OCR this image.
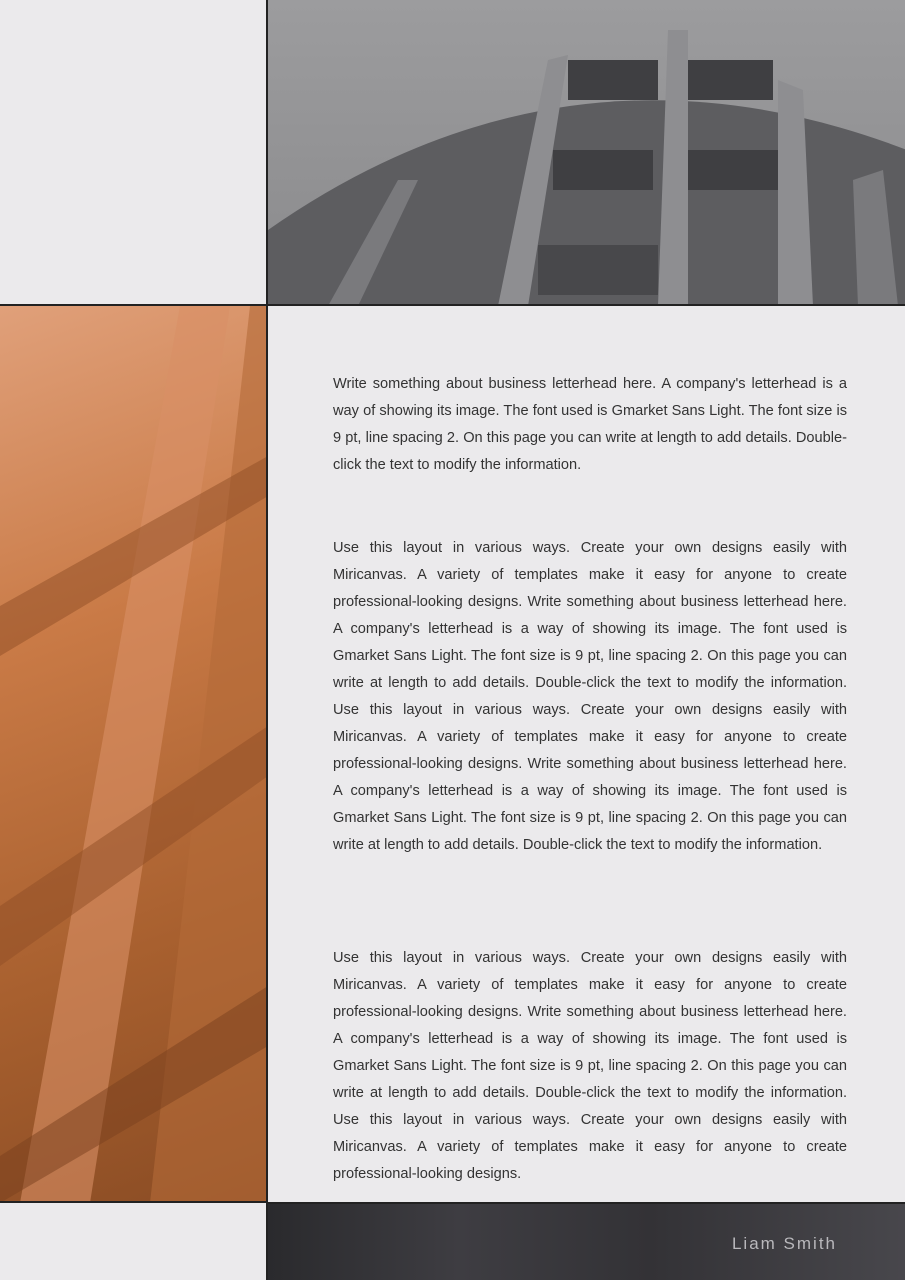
Write something about business letterhead here. A company's letterhead is a way of showing its image. The font used is Gmarket Sans Light. The font size is 9 pt, line spacing 2. On this page you can write at length to add details. Double-click the text to modify the information.

Use this layout in various ways. Create your own designs easily with Miricanvas. A variety of templates make it easy for anyone to create professional-looking designs. Write something about business letterhead here. A company's letterhead is a way of showing its image. The font used is Gmarket Sans Light. The font size is 9 pt, line spacing 2. On this page you can write at length to add details. Double-click the text to modify the information. Use this layout in various ways. Create your own designs easily with Miricanvas. A variety of templates make it easy for anyone to create professional-looking designs. Write something about business letterhead here. A company's letterhead is a way of showing its image. The font used is Gmarket Sans Light. The font size is 9 pt, line spacing 2. On this page you can write at length to add details. Double-click the text to modify the information.

Use this layout in various ways. Create your own designs easily with Miricanvas. A variety of templates make it easy for anyone to create professional-looking designs. Write something about business letterhead here. A company's letterhead is a way of showing its image. The font used is Gmarket Sans Light. The font size is 9 pt, line spacing 2. On this page you can write at length to add details. Double-click the text to modify the information. Use this layout in various ways. Create your own designs easily with Miricanvas. A variety of templates make it easy for anyone to create professional-looking designs.

Liam Smith
